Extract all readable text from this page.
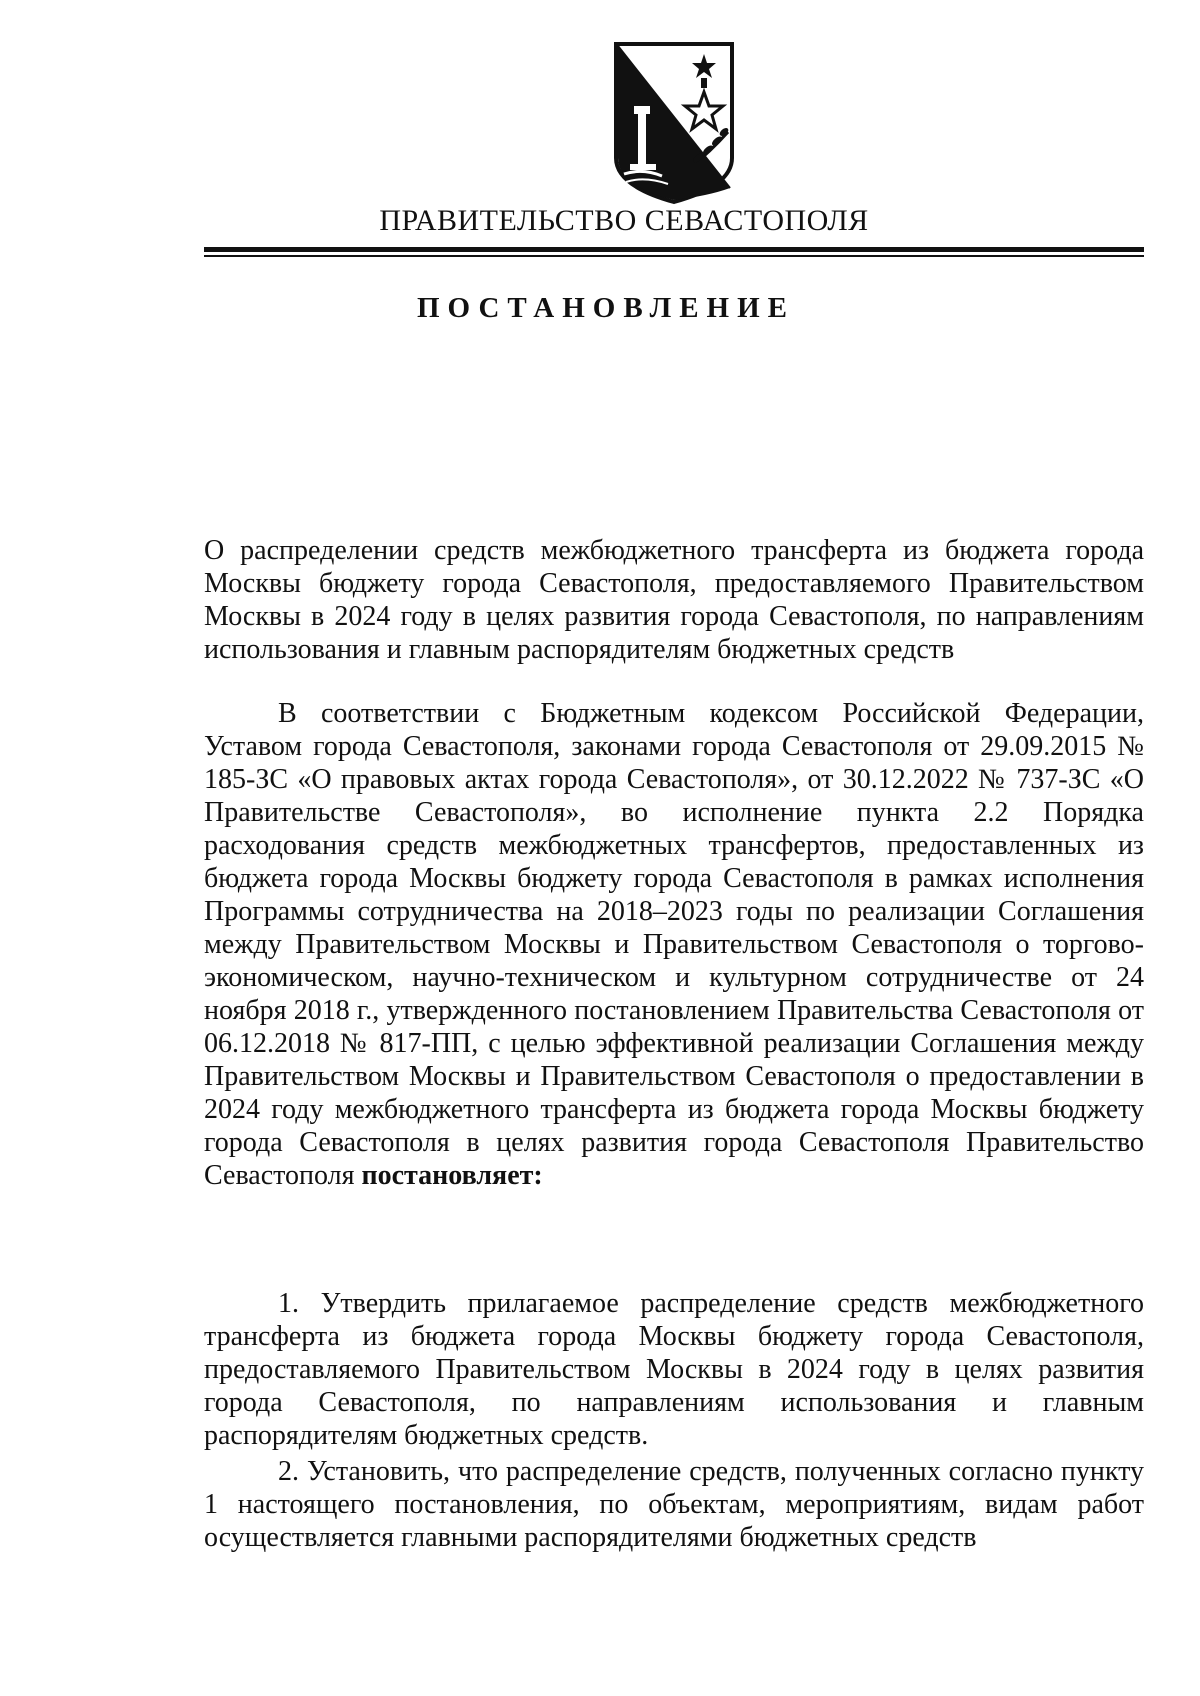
ПРАВИТЕЛЬСТВО СЕВАСТОПОЛЯ
ПОСТАНОВЛЕНИЕ
О распределении средств межбюджетного трансферта из бюджета города Москвы бюджету города Севастополя, предоставляемого Правительством Москвы в 2024 году в целях развития города Севастополя, по направлениям использования и главным распорядителям бюджетных средств
В соответствии с Бюджетным кодексом Российской Федерации, Уставом города Севастополя, законами города Севастополя от 29.09.2015 № 185-ЗС «О правовых актах города Севастополя», от 30.12.2022 № 737-ЗС «О Правительстве Севастополя», во исполнение пункта 2.2 Порядка расходования средств межбюджетных трансфертов, предоставленных из бюджета города Москвы бюджету города Севастополя в рамках исполнения Программы сотрудничества на 2018–2023 годы по реализации Соглашения между Правительством Москвы и Правительством Севастополя о торгово-экономическом, научно-техническом и культурном сотрудничестве от 24 ноября 2018 г., утвержденного постановлением Правительства Севастополя от 06.12.2018 № 817-ПП, с целью эффективной реализации Соглашения между Правительством Москвы и Правительством Севастополя о предоставлении в 2024 году межбюджетного трансферта из бюджета города Москвы бюджету города Севастополя в целях развития города Севастополя Правительство Севастополя постановляет:
1. Утвердить прилагаемое распределение средств межбюджетного трансферта из бюджета города Москвы бюджету города Севастополя, предоставляемого Правительством Москвы в 2024 году в целях развития города Севастополя, по направлениям использования и главным распорядителям бюджетных средств.
2. Установить, что распределение средств, полученных согласно пункту 1 настоящего постановления, по объектам, мероприятиям, видам работ осуществляется главными распорядителями бюджетных средств
